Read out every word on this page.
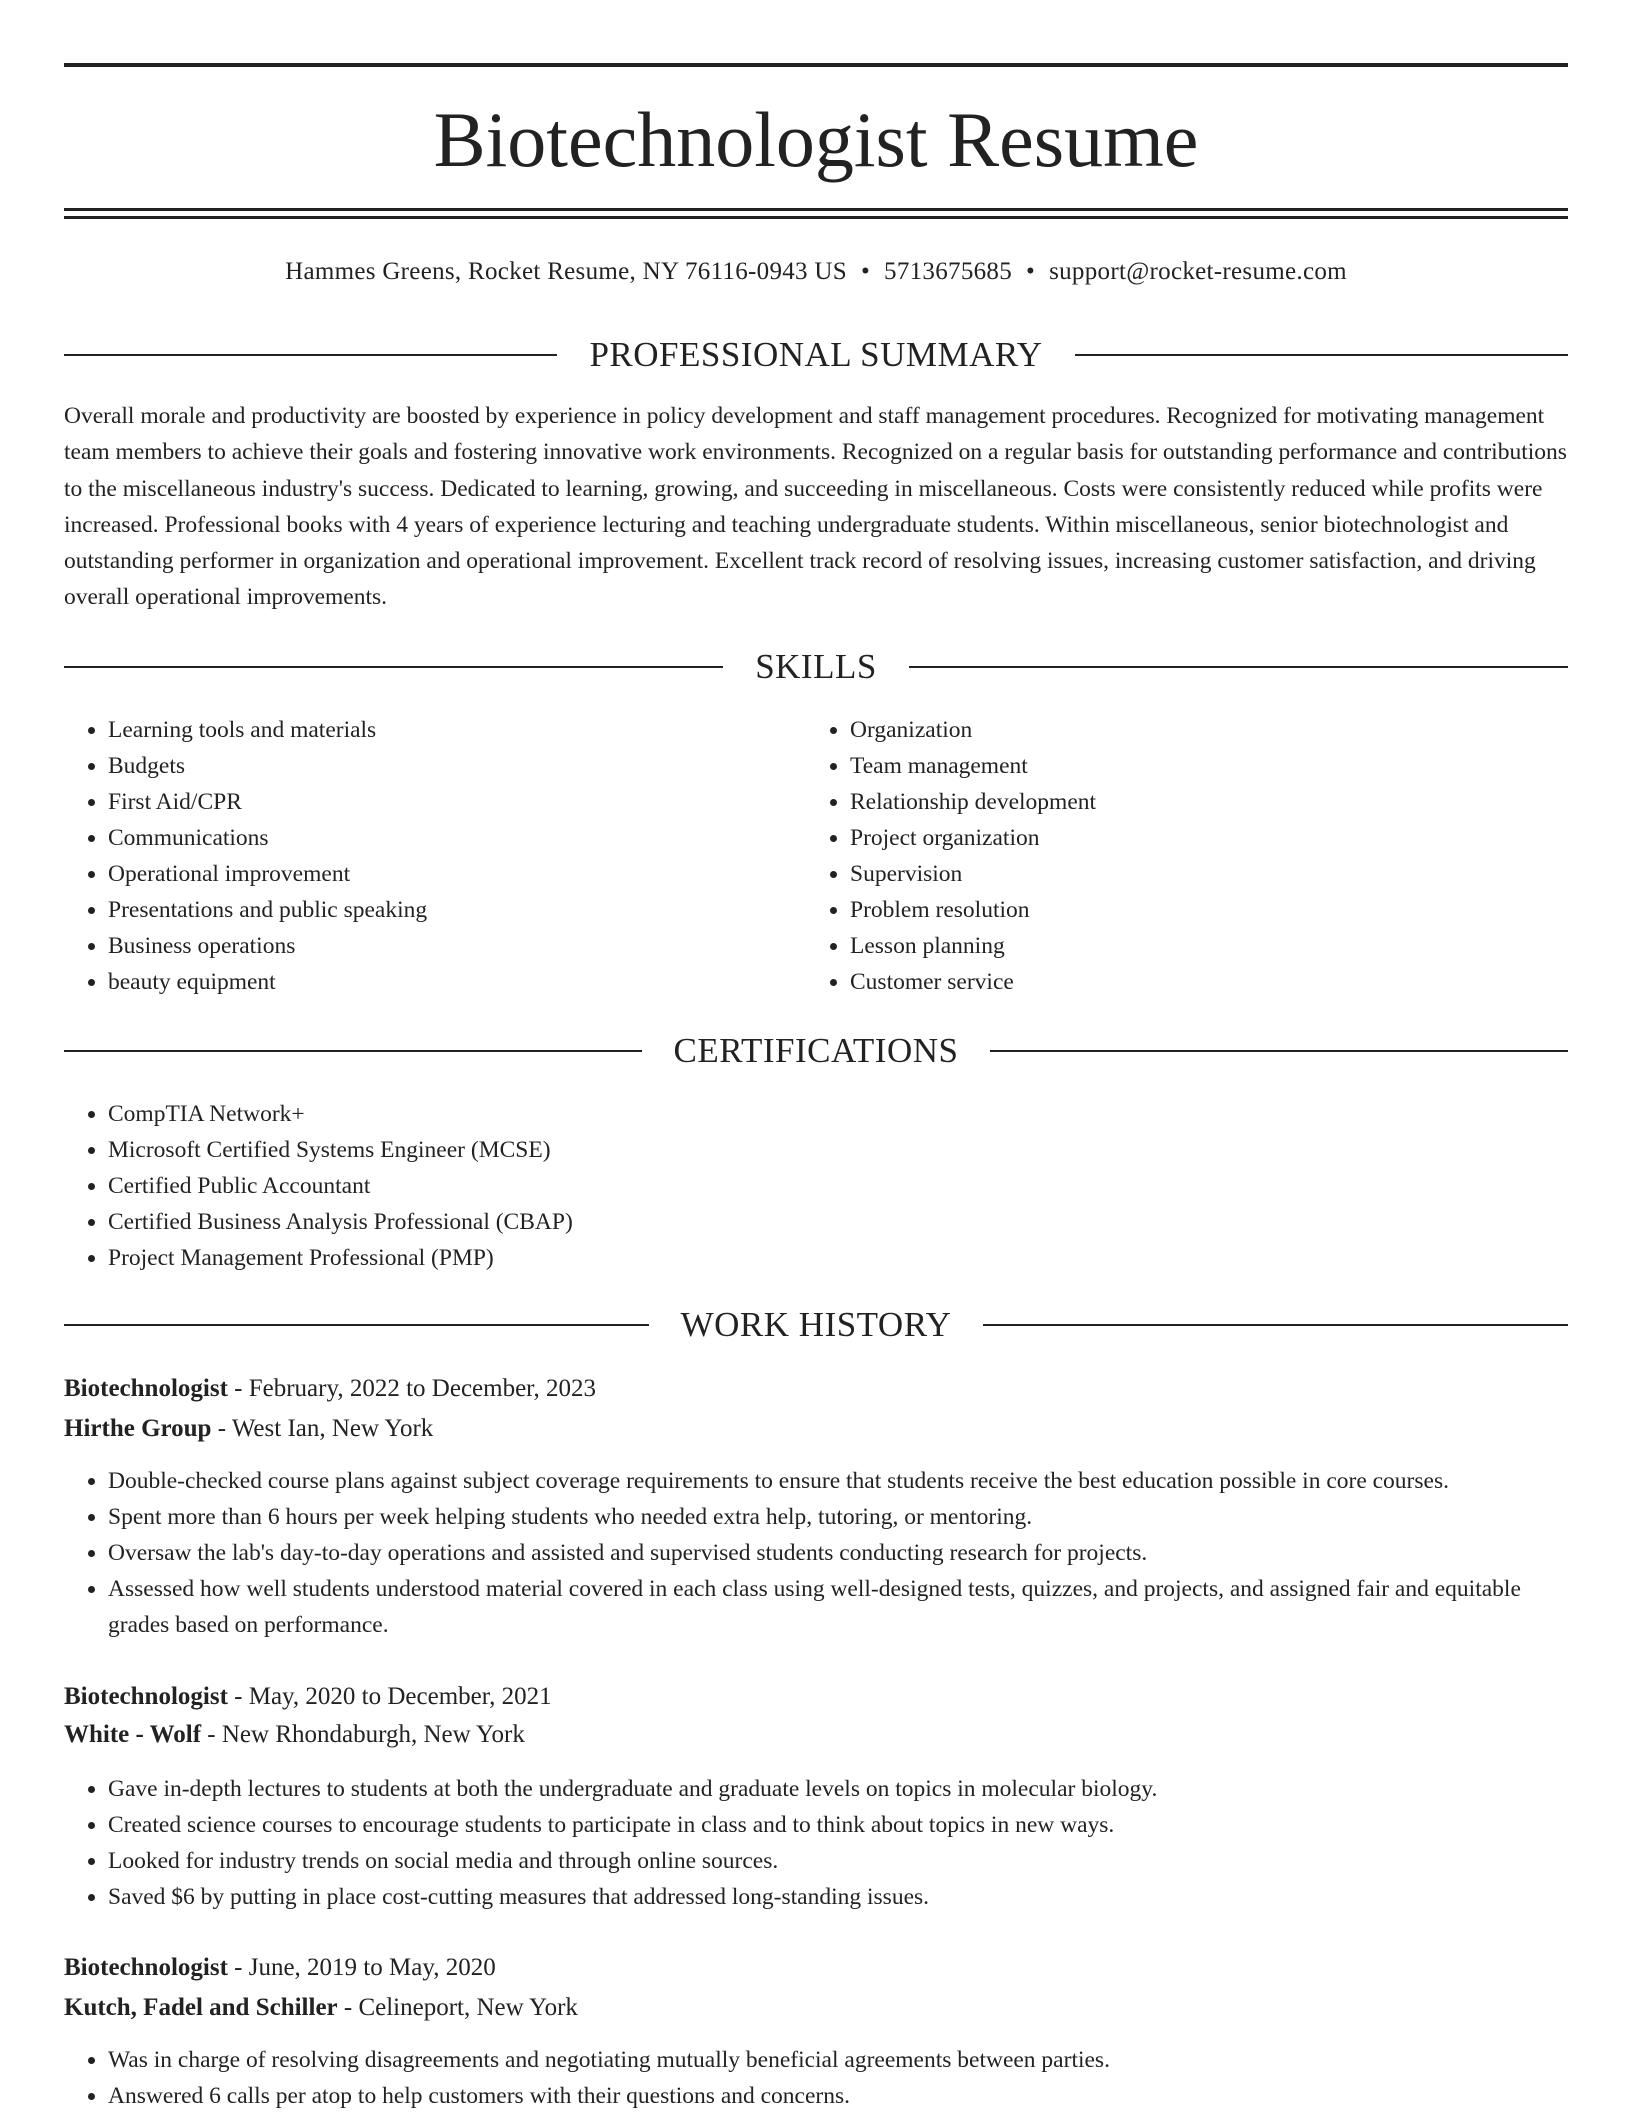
Biotechnologist Resume
Hammes Greens, Rocket Resume, NY 76116-0943 US • 5713675685 • support@rocket-resume.com
PROFESSIONAL SUMMARY

Overall morale and productivity are boosted by experience in policy development and staff management procedures. Recognized for motivating management team members to achieve their goals and fostering innovative work environments. Recognized on a regular basis for outstanding performance and contributions to the miscellaneous industry's success. Dedicated to learning, growing, and succeeding in miscellaneous. Costs were consistently reduced while profits were increased. Professional books with 4 years of experience lecturing and teaching undergraduate students. Within miscellaneous, senior biotechnologist and outstanding performer in organization and operational improvement. Excellent track record of resolving issues, increasing customer satisfaction, and driving overall operational improvements.

SKILLS
• Learning tools and materials
• Budgets
• First Aid/CPR
• Communications
• Operational improvement
• Presentations and public speaking
• Business operations
• beauty equipment
• Organization
• Team management
• Relationship development
• Project organization
• Supervision
• Problem resolution
• Lesson planning
• Customer service
CERTIFICATIONS
• CompTIA Network+
• Microsoft Certified Systems Engineer (MCSE)
• Certified Public Accountant
• Certified Business Analysis Professional (CBAP)
• Project Management Professional (PMP)
WORK HISTORY
Biotechnologist - February, 2022 to December, 2023
Hirthe Group - West Ian, New York
• Double-checked course plans against subject coverage requirements to ensure that students receive the best education possible in core courses.
• Spent more than 6 hours per week helping students who needed extra help, tutoring, or mentoring.
• Oversaw the lab's day-to-day operations and assisted and supervised students conducting research for projects.
• Assessed how well students understood material covered in each class using well-designed tests, quizzes, and projects, and assigned fair and equitable grades based on performance.
Biotechnologist - May, 2020 to December, 2021
White - Wolf - New Rhondaburgh, New York
• Gave in-depth lectures to students at both the undergraduate and graduate levels on topics in molecular biology.
• Created science courses to encourage students to participate in class and to think about topics in new ways.
• Looked for industry trends on social media and through online sources.
• Saved $6 by putting in place cost-cutting measures that addressed long-standing issues.
Biotechnologist - June, 2019 to May, 2020
Kutch, Fadel and Schiller - Celineport, New York
• Was in charge of resolving disagreements and negotiating mutually beneficial agreements between parties.
• Answered 6 calls per atop to help customers with their questions and concerns.
